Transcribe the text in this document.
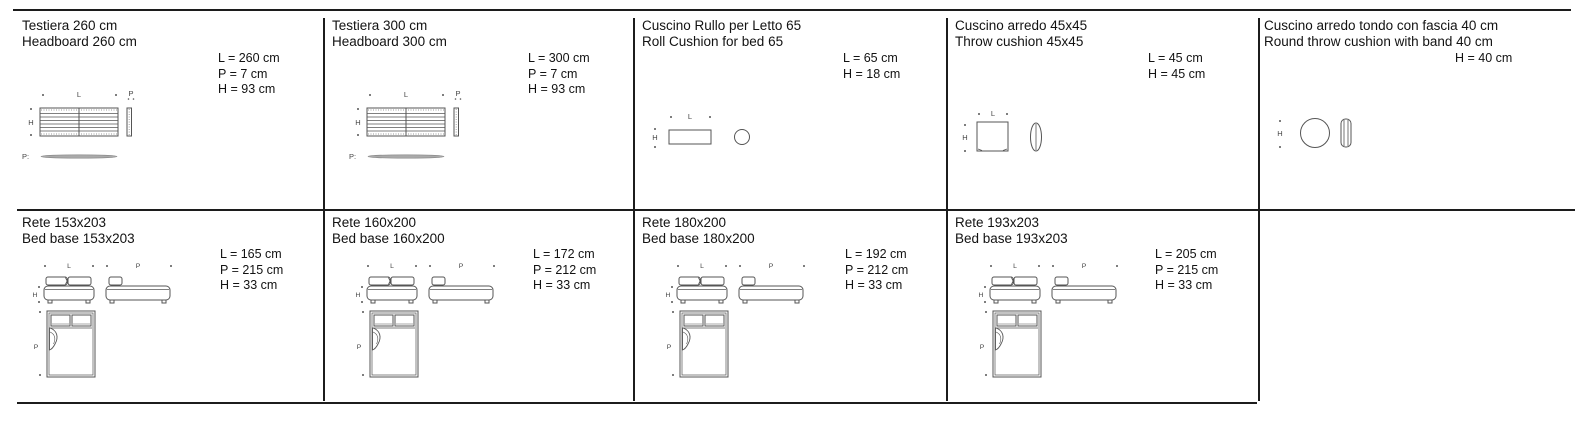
Testiera 260 cm
Headboard 260 cm
L = 260 cm
P = 7 cm
H = 93 cm
Testiera 300 cm
Headboard 300 cm
L = 300 cm
P = 7 cm
H = 93 cm
Cuscino Rullo per Letto 65
Roll Cushion for bed 65
L = 65 cm
H = 18 cm
Cuscino arredo 45x45
Throw cushion 45x45
L = 45 cm
H = 45 cm
Cuscino arredo tondo con fascia 40 cm
Round throw cushion with band 40 cm
H = 40 cm
Rete 153x203
Bed base 153x203
L = 165 cm
P = 215 cm
H = 33 cm
Rete 160x200
Bed base 160x200
L = 172 cm
P = 212 cm
H = 33 cm
Rete 180x200
Bed base 180x200
L = 192 cm
P = 212 cm
H = 33 cm
Rete 193x203
Bed base 193x203
L = 205 cm
P = 215 cm
H = 33 cm
